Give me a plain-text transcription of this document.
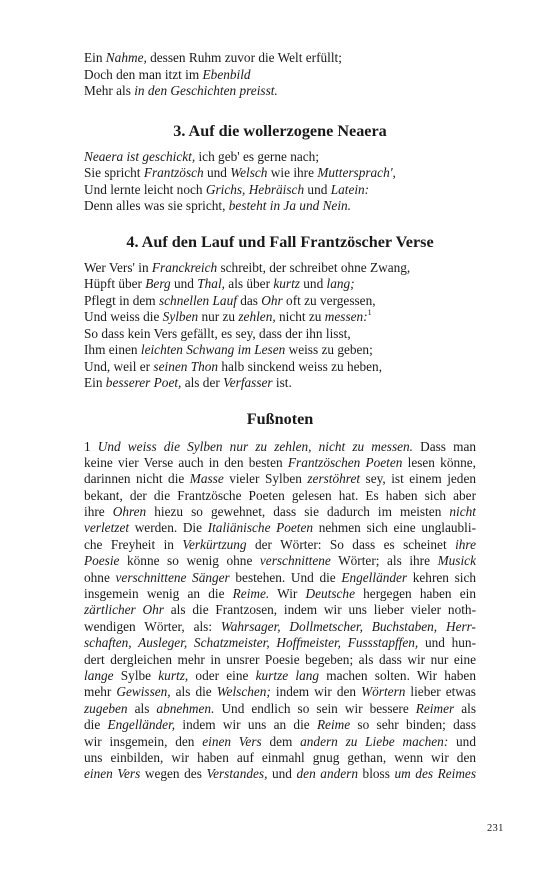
Ein Nahme, dessen Ruhm zuvor die Welt erfüllt;
Doch den man itzt im Ebenbild
Mehr als in den Geschichten preisst.
3. Auf die wollerzogene Neaera
Neaera ist geschickt, ich geb' es gerne nach;
Sie spricht Frantzösch und Welsch wie ihre Muttersprach',
Und lernte leicht noch Grichs, Hebräisch und Latein:
Denn alles was sie spricht, besteht in Ja und Nein.
4. Auf den Lauf und Fall Frantzöscher Verse
Wer Vers' in Franckreich schreibt, der schreibet ohne Zwang,
Hüpft über Berg und Thal, als über kurtz und lang;
Pflegt in dem schnellen Lauf das Ohr oft zu vergessen,
Und weiss die Sylben nur zu zehlen, nicht zu messen:$^1$
So dass kein Vers gefällt, es sey, dass der ihn lisst,
Ihm einen leichten Schwang im Lesen weiss zu geben;
Und, weil er seinen Thon halb sinckend weiss zu heben,
Ein besserer Poet, als der Verfasser ist.
Fußnoten
1 Und weiss die Sylben nur zu zehlen, nicht zu messen. Dass man
keine vier Verse auch in den besten Frantzöschen Poeten lesen könne,
darinnen nicht die Masse vieler Sylben zerstöhret sey, ist einem jeden
bekant, der die Frantzösche Poeten gelesen hat. Es haben sich aber
ihre Ohren hiezu so gewehnet, dass sie dadurch im meisten nicht
verletzet werden. Die Italiänische Poeten nehmen sich eine unglaubli-
che Freyheit in Verkürtzung der Wörter: So dass es scheinet ihre
Poesie könne so wenig ohne verschnittene Wörter; als ihre Musick
ohne verschnittene Sänger bestehen. Und die Engelländer kehren sich
insgemein wenig an die Reime. Wir Deutsche hergegen haben ein
zärtlicher Ohr als die Frantzosen, indem wir uns lieber vieler noth-
wendigen Wörter, als: Wahrsager, Dollmetscher, Buchstaben, Herr-
schaften, Ausleger, Schatzmeister, Hoffmeister, Fussstapffen, und hun-
dert dergleichen mehr in unsrer Poesie begeben; als dass wir nur eine
lange Sylbe kurtz, oder eine kurtze lang machen solten. Wir haben
mehr Gewissen, als die Welschen; indem wir den Wörtern lieber etwas
zugeben als abnehmen. Und endlich so sein wir bessere Reimer als
die Engelländer, indem wir uns an die Reime so sehr binden; dass
wir insgemein, den einen Vers dem andern zu Liebe machen: und
uns einbilden, wir haben auf einmahl gnug gethan, wenn wir den
einen Vers wegen des Verstandes, und den andern bloss um des Reimes
231
